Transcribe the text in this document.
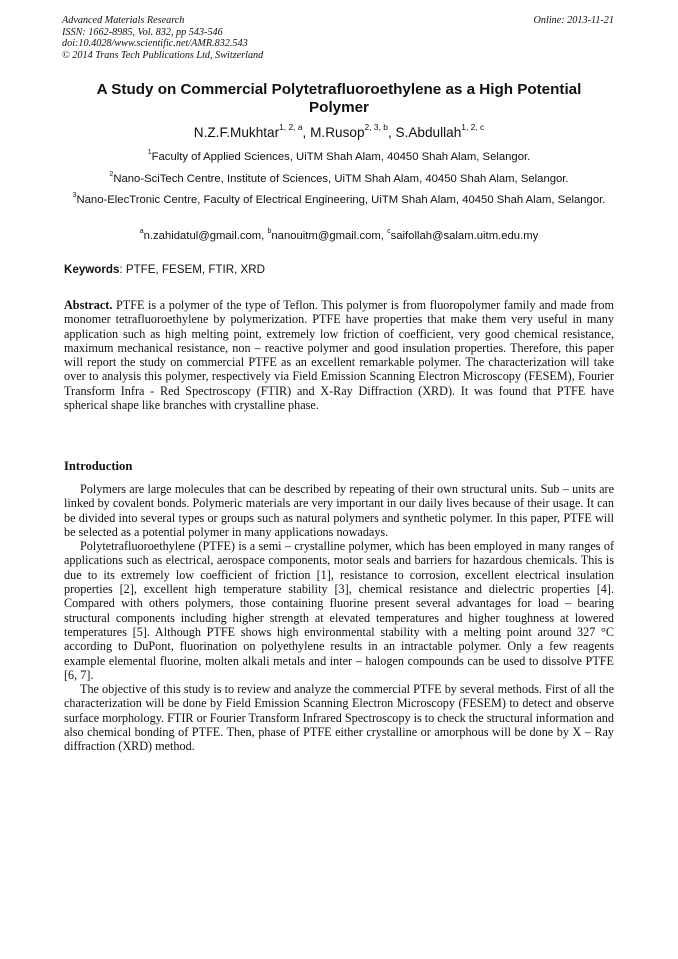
Advanced Materials Research
ISSN: 1662-8985, Vol. 832, pp 543-546
doi:10.4028/www.scientific.net/AMR.832.543
© 2014 Trans Tech Publications Ltd, Switzerland
Online: 2013-11-21
A Study on Commercial Polytetrafluoroethylene as a High Potential Polymer
N.Z.F.Mukhtar$^{1, 2, a}$, M.Rusop$^{2, 3, b}$, S.Abdullah$^{1, 2, c}$
$^1$Faculty of Applied Sciences, UiTM Shah Alam, 40450 Shah Alam, Selangor.
$^2$Nano-SciTech Centre, Institute of Sciences, UiTM Shah Alam, 40450 Shah Alam, Selangor.
$^3$Nano-ElecTronic Centre, Faculty of Electrical Engineering, UiTM Shah Alam, 40450 Shah Alam, Selangor.
$^a$n.zahidatul@gmail.com, $^b$nanouitm@gmail.com, $^c$saifollah@salam.uitm.edu.my
Keywords: PTFE, FESEM, FTIR, XRD
Abstract. PTFE is a polymer of the type of Teflon. This polymer is from fluoropolymer family and made from monomer tetrafluoroethylene by polymerization. PTFE have properties that make them very useful in many application such as high melting point, extremely low friction of coefficient, very good chemical resistance, maximum mechanical resistance, non – reactive polymer and good insulation properties. Therefore, this paper will report the study on commercial PTFE as an excellent remarkable polymer. The characterization will take over to analysis this polymer, respectively via Field Emission Scanning Electron Microscopy (FESEM), Fourier Transform Infra - Red Spectroscopy (FTIR) and X-Ray Diffraction (XRD). It was found that PTFE have spherical shape like branches with crystalline phase.
Introduction

Polymers are large molecules that can be described by repeating of their own structural units. Sub – units are linked by covalent bonds. Polymeric materials are very important in our daily lives because of their usage. It can be divided into several types or groups such as natural polymers and synthetic polymer. In this paper, PTFE will be selected as a potential polymer in many applications nowadays.

Polytetrafluoroethylene (PTFE) is a semi – crystalline polymer, which has been employed in many ranges of applications such as electrical, aerospace components, motor seals and barriers for hazardous chemicals. This is due to its extremely low coefficient of friction [1], resistance to corrosion, excellent electrical insulation properties [2], excellent high temperature stability [3], chemical resistance and dielectric properties [4]. Compared with others polymers, those containing fluorine present several advantages for load – bearing structural components including higher strength at elevated temperatures and higher toughness at lowered temperatures [5]. Although PTFE shows high environmental stability with a melting point around 327 °C according to DuPont, fluorination on polyethylene results in an intractable polymer. Only a few reagents example elemental fluorine, molten alkali metals and inter – halogen compounds can be used to dissolve PTFE [6, 7].

The objective of this study is to review and analyze the commercial PTFE by several methods. First of all the characterization will be done by Field Emission Scanning Electron Microscopy (FESEM) to detect and observe surface morphology. FTIR or Fourier Transform Infrared Spectroscopy is to check the structural information and also chemical bonding of PTFE. Then, phase of PTFE either crystalline or amorphous will be done by X – Ray diffraction (XRD) method.
